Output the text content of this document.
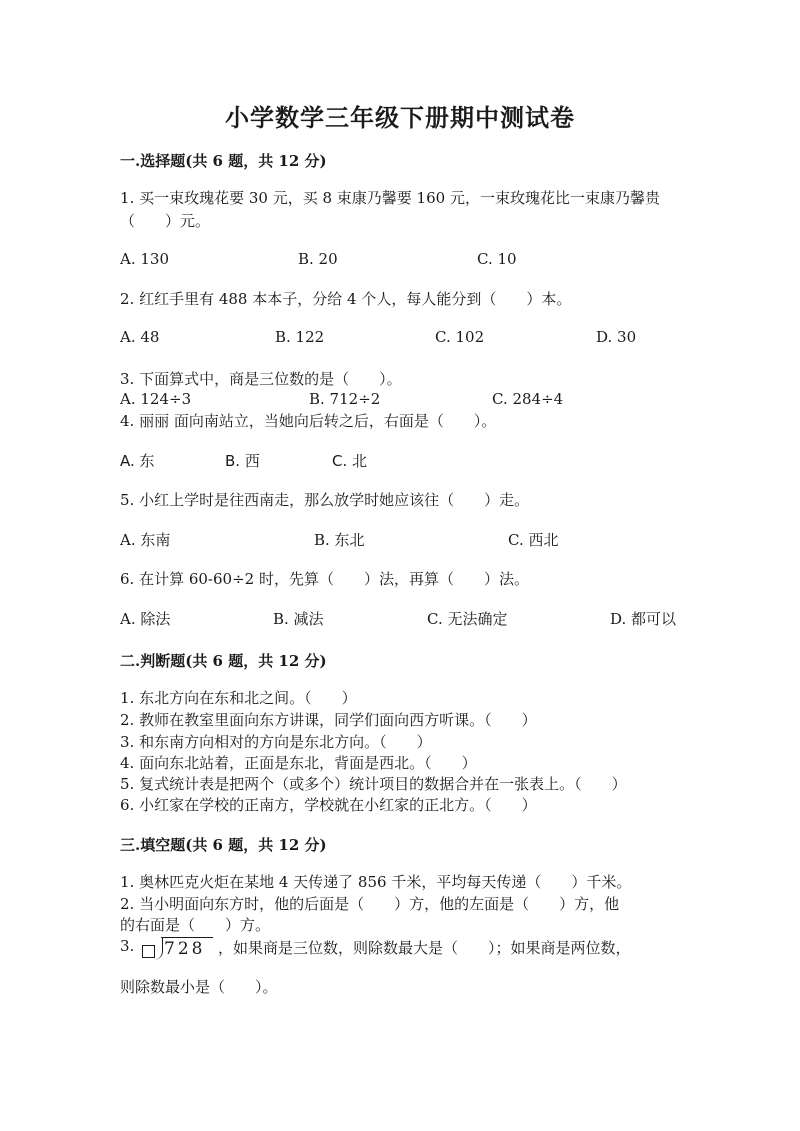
小学数学三年级下册期中测试卷
一.选择题(共 6 题，共 12 分)
1. 买一束玫瑰花要 30 元，买 8 束康乃馨要 160 元，一束玫瑰花比一束康乃馨贵
（　　）元。
A. 130	B. 20	C. 10
2. 红红手里有 488 本本子，分给 4 个人，每人能分到（　　）本。
A. 48	B. 122	C. 102	D. 30
3. 下面算式中，商是三位数的是（　　）。
A. 124÷3	B. 712÷2	C. 284÷4
4. 丽丽 面向南站立，当她向后转之后，右面是（　　）。
A. 东	B. 西	C. 北
5. 小红上学时是往西南走，那么放学时她应该往（　　）走。
A. 东南	B. 东北	C. 西北
6. 在计算 60-60÷2 时，先算（　　）法，再算（　　）法。
A. 除法	B. 减法	C. 无法确定	D. 都可以
二.判断题(共 6 题，共 12 分)
1. 东北方向在东和北之间。（　　）
2. 教师在教室里面向东方讲课，同学们面向西方听课。（　　）
3. 和东南方向相对的方向是东北方向。（　　）
4. 面向东北站着，正面是东北，背面是西北。（　　）
5. 复式统计表是把两个（或多个）统计项目的数据合并在一张表上。（　　）
6. 小红家在学校的正南方，学校就在小红家的正北方。（　　）
三.填空题(共 6 题，共 12 分)
1. 奥林匹克火炬在某地 4 天传递了 856 千米，平均每天传递（　　）千米。
2. 当小明面向东方时，他的后面是（　　）方，他的左面是（　　）方，他
的右面是（　　）方。
3. 728 ，如果商是三位数，则除数最大是（　　）；如果商是两位数，
则除数最小是（　　）。
